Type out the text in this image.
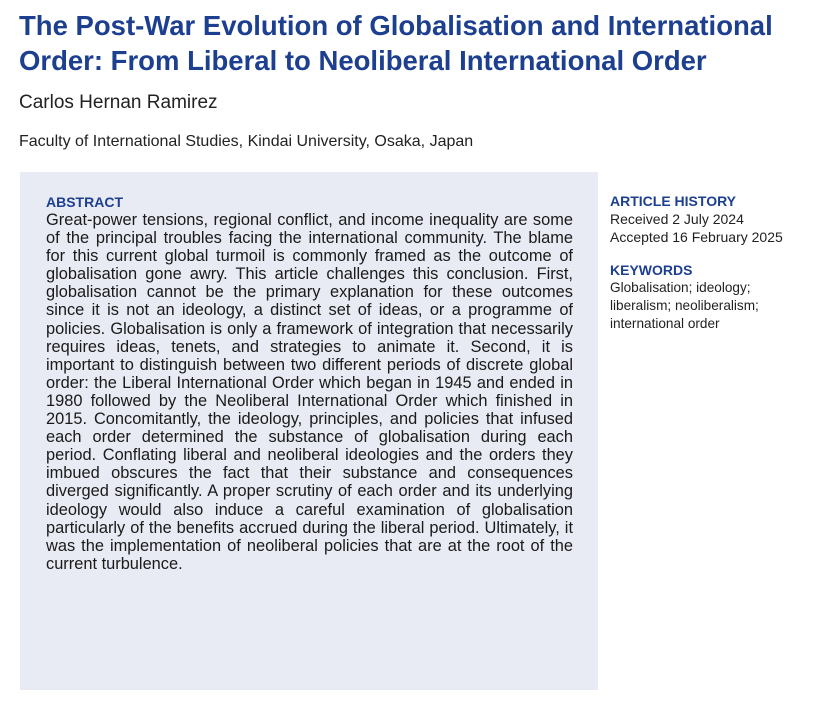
The Post-War Evolution of Globalisation and International Order: From Liberal to Neoliberal International Order
Carlos Hernan Ramirez
Faculty of International Studies, Kindai University, Osaka, Japan
ABSTRACT

Great-power tensions, regional conflict, and income inequality are some of the principal troubles facing the international community. The blame for this current global turmoil is commonly framed as the outcome of globalisation gone awry. This article challenges this conclusion. First, globalisation cannot be the primary explanation for these outcomes since it is not an ideology, a distinct set of ideas, or a programme of policies. Globalisation is only a framework of integration that necessarily requires ideas, tenets, and strategies to animate it. Second, it is important to distinguish between two different periods of discrete global order: the Liberal International Order which began in 1945 and ended in 1980 followed by the Neoliberal International Order which finished in 2015. Concomitantly, the ideology, principles, and policies that infused each order determined the substance of globalisation during each period. Conflating liberal and neoliberal ideologies and the orders they imbued obscures the fact that their substance and consequences diverged significantly. A proper scrutiny of each order and its underlying ideology would also induce a careful examination of globalisation particularly of the benefits accrued during the liberal period. Ultimately, it was the implementation of neoliberal policies that are at the root of the current turbulence.

ARTICLE HISTORY
Received 2 July 2024
Accepted 16 February 2025
KEYWORDS
Globalisation; ideology; liberalism; neoliberalism; international order
